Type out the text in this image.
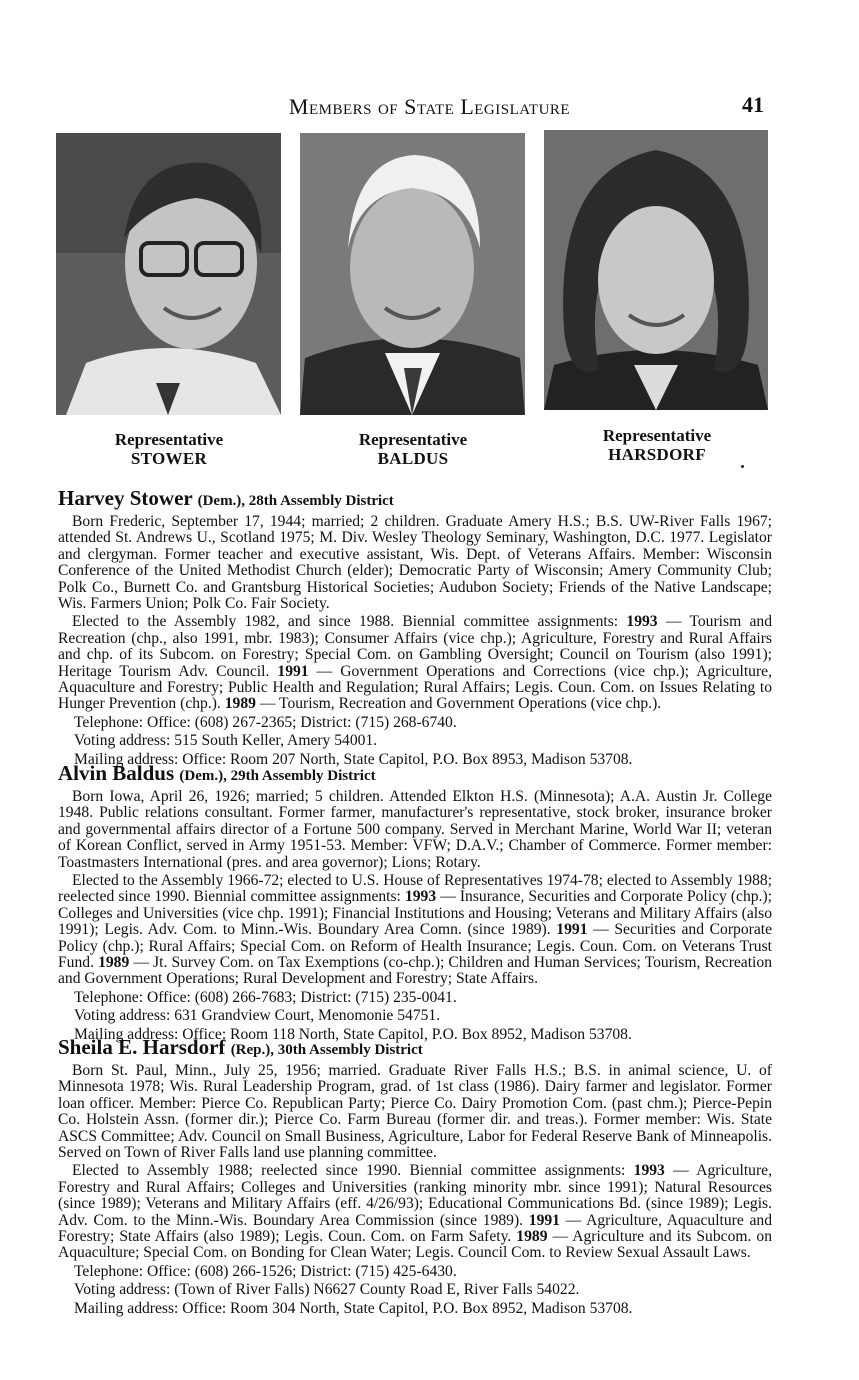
Members of State Legislature	41
Representative
STOWER
Representative
BALDUS
Representative
HARSDORF
Harvey Stower (Dem.), 28th Assembly District

Born Frederic, September 17, 1944; married; 2 children. Graduate Amery H.S.; B.S. UW-River Falls 1967; attended St. Andrews U., Scotland 1975; M. Div. Wesley Theology Seminary, Washington, D.C. 1977. Legislator and clergyman. Former teacher and executive assistant, Wis. Dept. of Veterans Affairs. Member: Wisconsin Conference of the United Methodist Church (elder); Democratic Party of Wisconsin; Amery Community Club; Polk Co., Burnett Co. and Grantsburg Historical Societies; Audubon Society; Friends of the Native Landscape; Wis. Farmers Union; Polk Co. Fair Society.

Elected to the Assembly 1982, and since 1988. Biennial committee assignments: 1993 — Tourism and Recreation (chp., also 1991, mbr. 1983); Consumer Affairs (vice chp.); Agriculture, Forestry and Rural Affairs and chp. of its Subcom. on Forestry; Special Com. on Gambling Oversight; Council on Tourism (also 1991); Heritage Tourism Adv. Council. 1991 — Government Operations and Corrections (vice chp.); Agriculture, Aquaculture and Forestry; Public Health and Regulation; Rural Affairs; Legis. Coun. Com. on Issues Relating to Hunger Prevention (chp.). 1989 — Tourism, Recreation and Government Operations (vice chp.).

Telephone: Office: (608) 267-2365; District: (715) 268-6740.

Voting address: 515 South Keller, Amery 54001.

Mailing address: Office: Room 207 North, State Capitol, P.O. Box 8953, Madison 53708.

Alvin Baldus (Dem.), 29th Assembly District

Born Iowa, April 26, 1926; married; 5 children. Attended Elkton H.S. (Minnesota); A.A. Austin Jr. College 1948. Public relations consultant. Former farmer, manufacturer's representative, stock broker, insurance broker and governmental affairs director of a Fortune 500 company. Served in Merchant Marine, World War II; veteran of Korean Conflict, served in Army 1951-53. Member: VFW; D.A.V.; Chamber of Commerce. Former member: Toastmasters International (pres. and area governor); Lions; Rotary.

Elected to the Assembly 1966-72; elected to U.S. House of Representatives 1974-78; elected to Assembly 1988; reelected since 1990. Biennial committee assignments: 1993 — Insurance, Securities and Corporate Policy (chp.); Colleges and Universities (vice chp. 1991); Financial Institutions and Housing; Veterans and Military Affairs (also 1991); Legis. Adv. Com. to Minn.-Wis. Boundary Area Comn. (since 1989). 1991 — Securities and Corporate Policy (chp.); Rural Affairs; Special Com. on Reform of Health Insurance; Legis. Coun. Com. on Veterans Trust Fund. 1989 — Jt. Survey Com. on Tax Exemptions (co-chp.); Children and Human Services; Tourism, Recreation and Government Operations; Rural Development and Forestry; State Affairs.

Telephone: Office: (608) 266-7683; District: (715) 235-0041.

Voting address: 631 Grandview Court, Menomonie 54751.

Mailing address: Office: Room 118 North, State Capitol, P.O. Box 8952, Madison 53708.

Sheila E. Harsdorf (Rep.), 30th Assembly District

Born St. Paul, Minn., July 25, 1956; married. Graduate River Falls H.S.; B.S. in animal science, U. of Minnesota 1978; Wis. Rural Leadership Program, grad. of 1st class (1986). Dairy farmer and legislator. Former loan officer. Member: Pierce Co. Republican Party; Pierce Co. Dairy Promotion Com. (past chm.); Pierce-Pepin Co. Holstein Assn. (former dir.); Pierce Co. Farm Bureau (former dir. and treas.). Former member: Wis. State ASCS Committee; Adv. Council on Small Business, Agriculture, Labor for Federal Reserve Bank of Minneapolis. Served on Town of River Falls land use planning committee.

Elected to Assembly 1988; reelected since 1990. Biennial committee assignments: 1993 — Agriculture, Forestry and Rural Affairs; Colleges and Universities (ranking minority mbr. since 1991); Natural Resources (since 1989); Veterans and Military Affairs (eff. 4/26/93); Educational Communications Bd. (since 1989); Legis. Adv. Com. to the Minn.-Wis. Boundary Area Commission (since 1989). 1991 — Agriculture, Aquaculture and Forestry; State Affairs (also 1989); Legis. Coun. Com. on Farm Safety. 1989 — Agriculture and its Subcom. on Aquaculture; Special Com. on Bonding for Clean Water; Legis. Council Com. to Review Sexual Assault Laws.

Telephone: Office: (608) 266-1526; District: (715) 425-6430.

Voting address: (Town of River Falls) N6627 County Road E, River Falls 54022.

Mailing address: Office: Room 304 North, State Capitol, P.O. Box 8952, Madison 53708.
